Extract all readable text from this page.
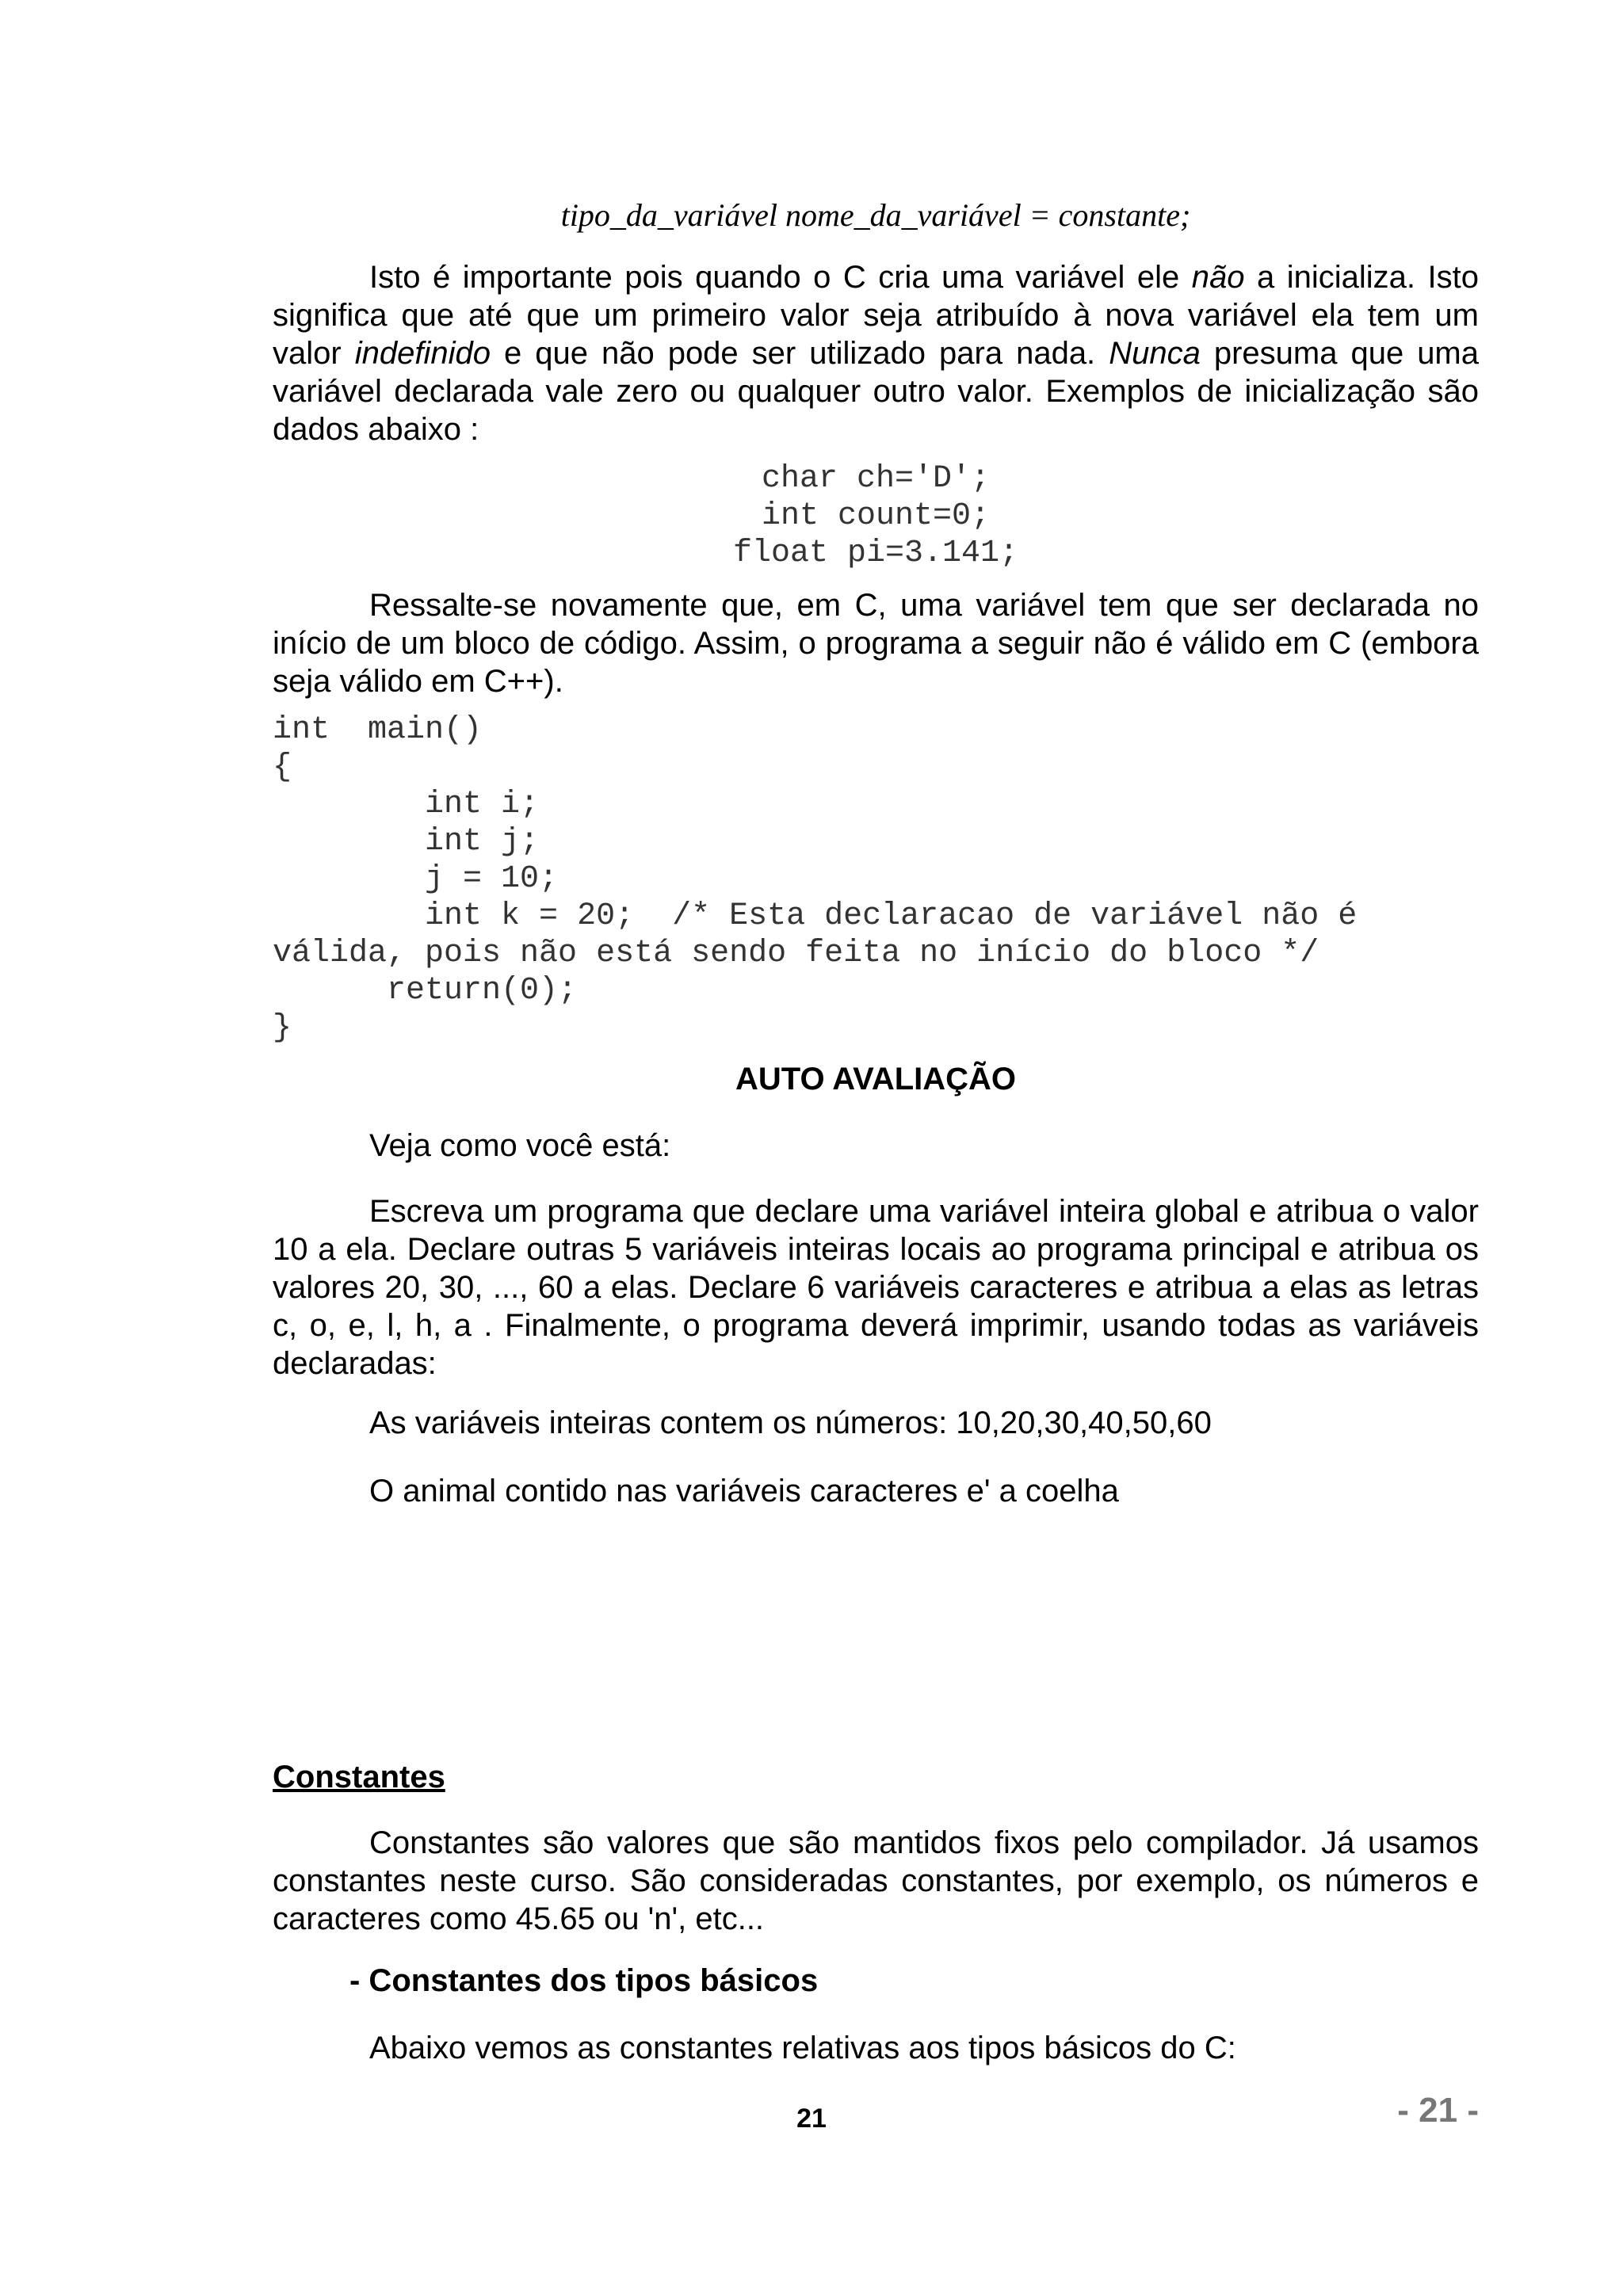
tipo_da_variável nome_da_variável = constante;

Isto é importante pois quando o C cria uma variável ele não a inicializa. Isto significa que até que um primeiro valor seja atribuído à nova variável ela tem um valor indefinido e que não pode ser utilizado para nada. Nunca presuma que uma variável declarada vale zero ou qualquer outro valor. Exemplos de inicialização são dados abaixo :

char ch='D';
int count=0;
float pi=3.141;

Ressalte-se novamente que, em C, uma variável tem que ser declarada no início de um bloco de código. Assim, o programa a seguir não é válido em C (embora seja válido em C++).

int  main()
{
int i;
int j;
j = 10;
int k = 20;  /* Esta declaracao de variável não é
válida, pois não está sendo feita no início do bloco */
return(0);
}
AUTO AVALIAÇÃO
Veja como você está:

Escreva um programa que declare uma variável inteira global e atribua o valor 10 a ela. Declare outras 5 variáveis inteiras locais ao programa principal e atribua os valores 20, 30, ..., 60 a elas. Declare 6 variáveis caracteres e atribua a elas as letras c, o, e, l, h, a . Finalmente, o programa deverá imprimir, usando todas as variáveis declaradas:

As variáveis inteiras contem os números: 10,20,30,40,50,60
O animal contido nas variáveis caracteres e' a coelha
Constantes

Constantes são valores que são mantidos fixos pelo compilador. Já usamos constantes neste curso. São consideradas constantes, por exemplo, os números e caracteres como 45.65 ou 'n', etc...

- Constantes dos tipos básicos
Abaixo vemos as constantes relativas aos tipos básicos do C:
21	- 21 -
